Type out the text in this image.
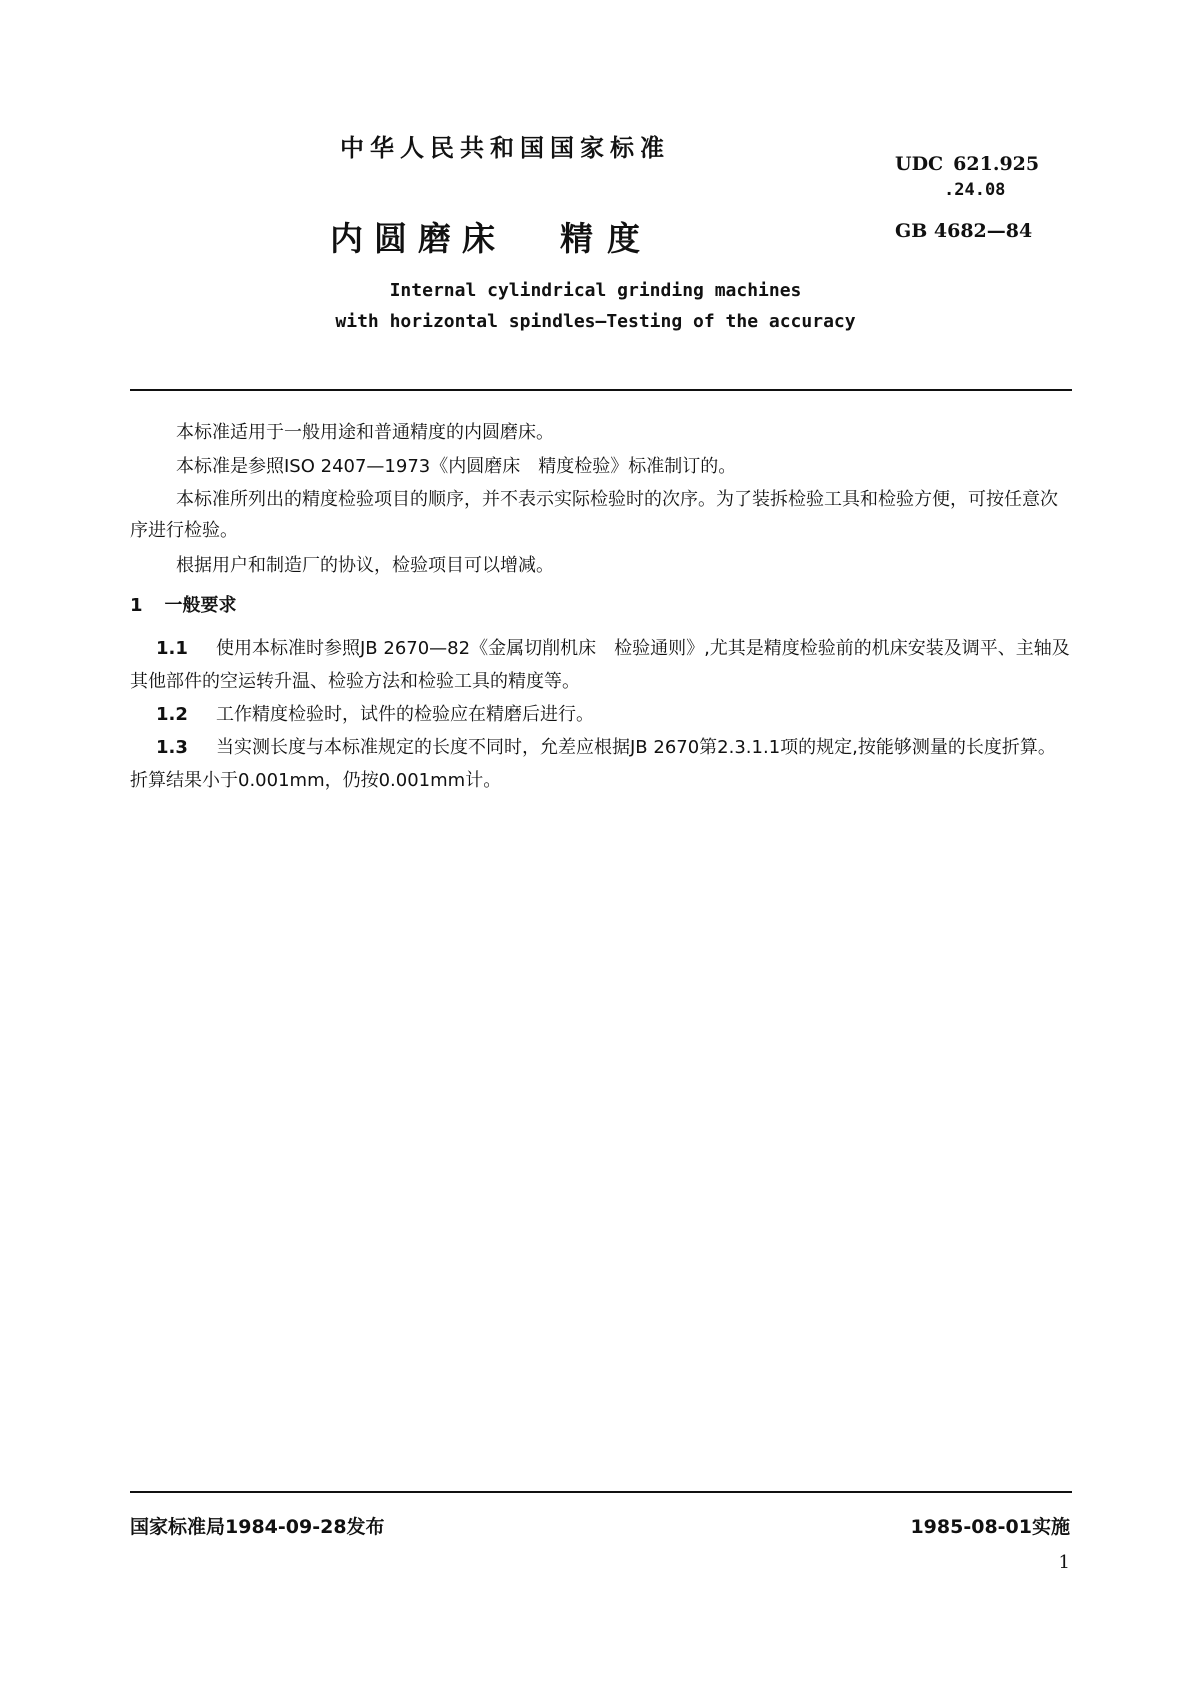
中华人民共和国国家标准
UDC 621.925
.24.08
内圆磨床 精度	GB 4682—84
Internal cylindrical grinding machines
with horizontal spindles—Testing of the accuracy
本标准适用于一般用途和普通精度的内圆磨床。
本标准是参照ISO 2407—1973《内圆磨床　精度检验》标准制订的。
本标准所列出的精度检验项目的顺序，并不表示实际检验时的次序。为了装拆检验工具和检验方便，可按任意次序进行检验。
根据用户和制造厂的协议，检验项目可以增减。
1 一般要求
1.1 使用本标准时参照JB 2670—82《金属切削机床　检验通则》,尤其是精度检验前的机床安装及调平、主轴及其他部件的空运转升温、检验方法和检验工具的精度等。
1.2 工作精度检验时，试件的检验应在精磨后进行。
1.3 当实测长度与本标准规定的长度不同时，允差应根据JB 2670第2.3.1.1项的规定,按能够测量的长度折算。折算结果小于0.001mm，仍按0.001mm计。
国家标准局1984-09-28发布	1985-08-01实施
1
